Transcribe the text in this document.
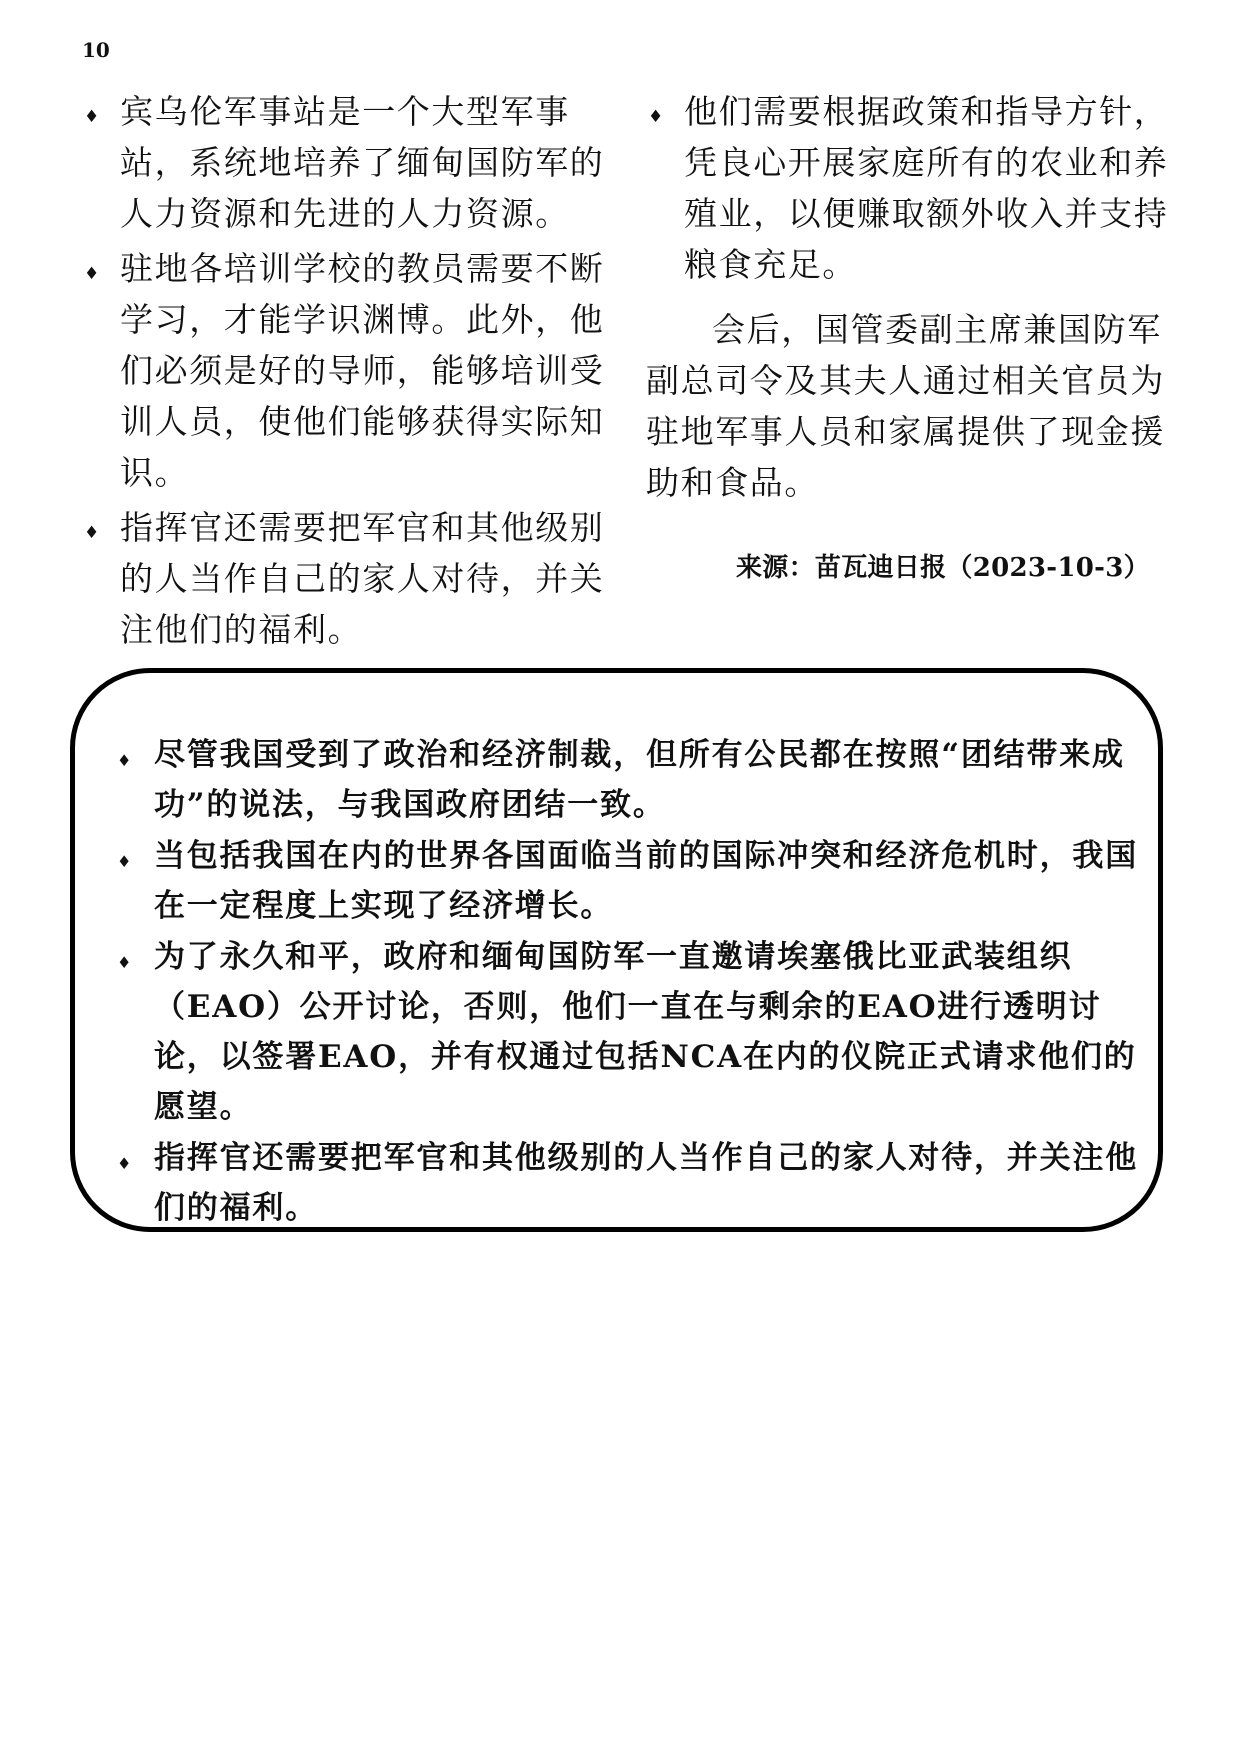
10
♦ 宾乌伦军事站是一个大型军事站，系统地培养了缅甸国防军的人力资源和先进的人力资源。
♦ 驻地各培训学校的教员需要不断学习，才能学识渊博。此外，他们必须是好的导师，能够培训受训人员，使他们能够获得实际知识。
♦ 指挥官还需要把军官和其他级别的人当作自己的家人对待，并关注他们的福利。
♦ 他们需要根据政策和指导方针，凭良心开展家庭所有的农业和养殖业，以便赚取额外收入并支持粮食充足。

会后，国管委副主席兼国防军副总司令及其夫人通过相关官员为驻地军事人员和家属提供了现金援助和食品。

来源：苗瓦迪日报（2023-10-3）

♦ 尽管我国受到了政治和经济制裁，但所有公民都在按照“团结带来成功”的说法，与我国政府团结一致。
♦ 当包括我国在内的世界各国面临当前的国际冲突和经济危机时，我国在一定程度上实现了经济增长。
♦ 为了永久和平，政府和缅甸国防军一直邀请埃塞俄比亚武装组织（EAO）公开讨论，否则，他们一直在与剩余的EAO进行透明讨论，以签署EAO，并有权通过包括NCA在内的仪院正式请求他们的愿望。
♦ 指挥官还需要把军官和其他级别的人当作自己的家人对待，并关注他们的福利。
